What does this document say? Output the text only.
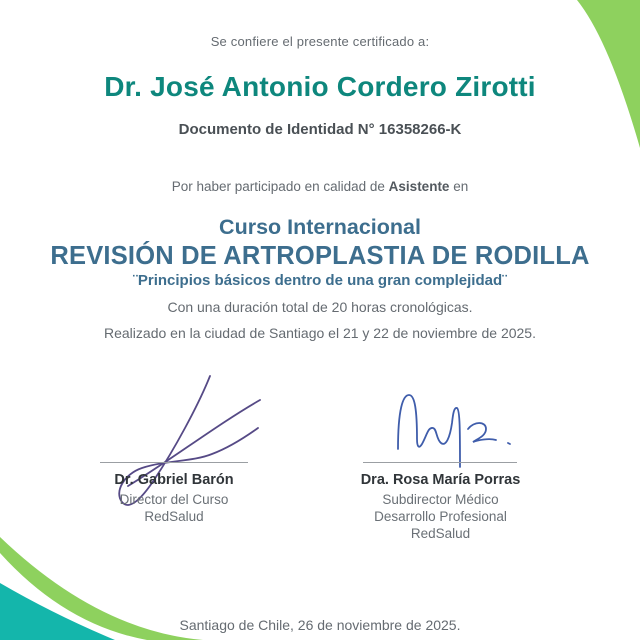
Se confiere el presente certificado a:
Dr. José Antonio Cordero Zirotti
Documento de Identidad N° 16358266-K
Por haber participado en calidad de Asistente en
Curso Internacional
REVISIÓN DE ARTROPLASTIA DE RODILLA
¨Principios básicos dentro de una gran complejidad¨
Con una duración total de 20 horas cronológicas.
Realizado en la ciudad de Santiago el 21 y 22 de noviembre de 2025.
Dr. Gabriel Barón
Director del Curso
RedSalud
Dra. Rosa María Porras
Subdirector Médico
Desarrollo Profesional
RedSalud
Santiago de Chile, 26 de noviembre de 2025.
